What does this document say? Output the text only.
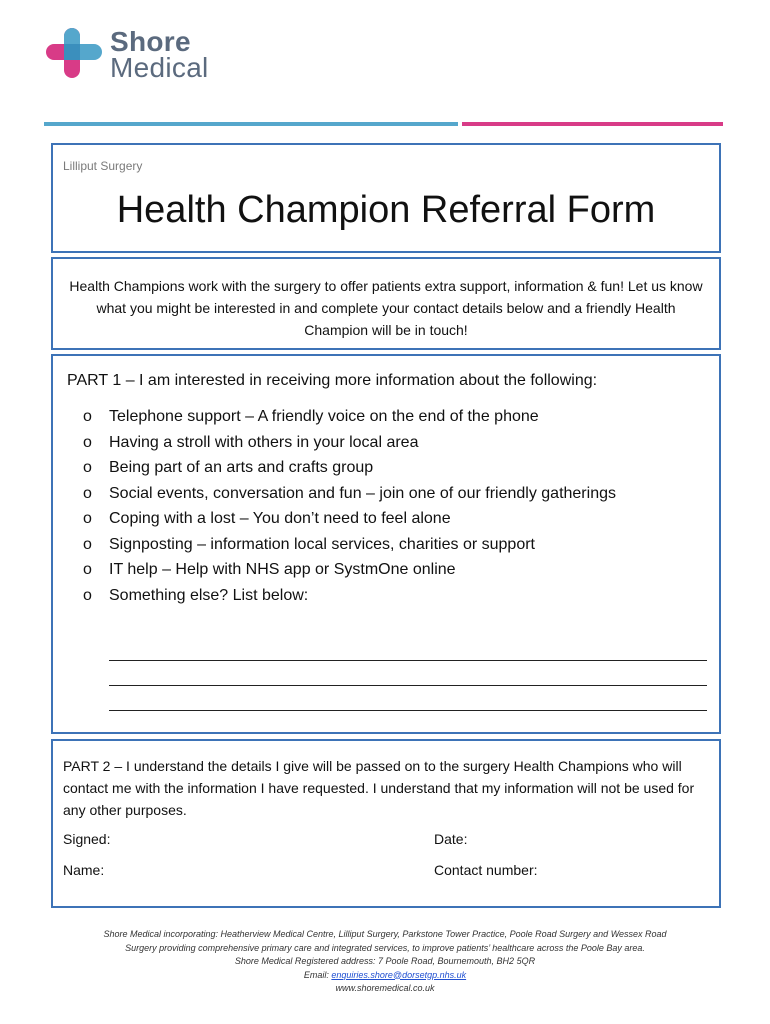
Shore
Medical
Lilliput Surgery
Health Champion Referral Form
Health Champions work with the surgery to offer patients extra support, information & fun! Let us know what you might be interested in and complete your contact details below and a friendly Health Champion will be in touch!
PART 1 – I am interested in receiving more information about the following:
o Telephone support – A friendly voice on the end of the phone
o Having a stroll with others in your local area
o Being part of an arts and crafts group
o Social events, conversation and fun – join one of our friendly gatherings
o Coping with a lost – You don’t need to feel alone
o Signposting – information local services, charities or support
o IT help – Help with NHS app or SystmOne online
o Something else? List below:
PART 2 – I understand the details I give will be passed on to the surgery Health Champions who will contact me with the information I have requested. I understand that my information will not be used for any other purposes.
Signed:	Date:
Name:	Contact number:
Shore Medical incorporating: Heatherview Medical Centre, Lilliput Surgery, Parkstone Tower Practice, Poole Road Surgery and Wessex Road Surgery providing comprehensive primary care and integrated services, to improve patients’ healthcare across the Poole Bay area.
Shore Medical Registered address: 7 Poole Road, Bournemouth, BH2 5QR
Email: enquiries.shore@dorsetgp.nhs.uk
www.shoremedical.co.uk
